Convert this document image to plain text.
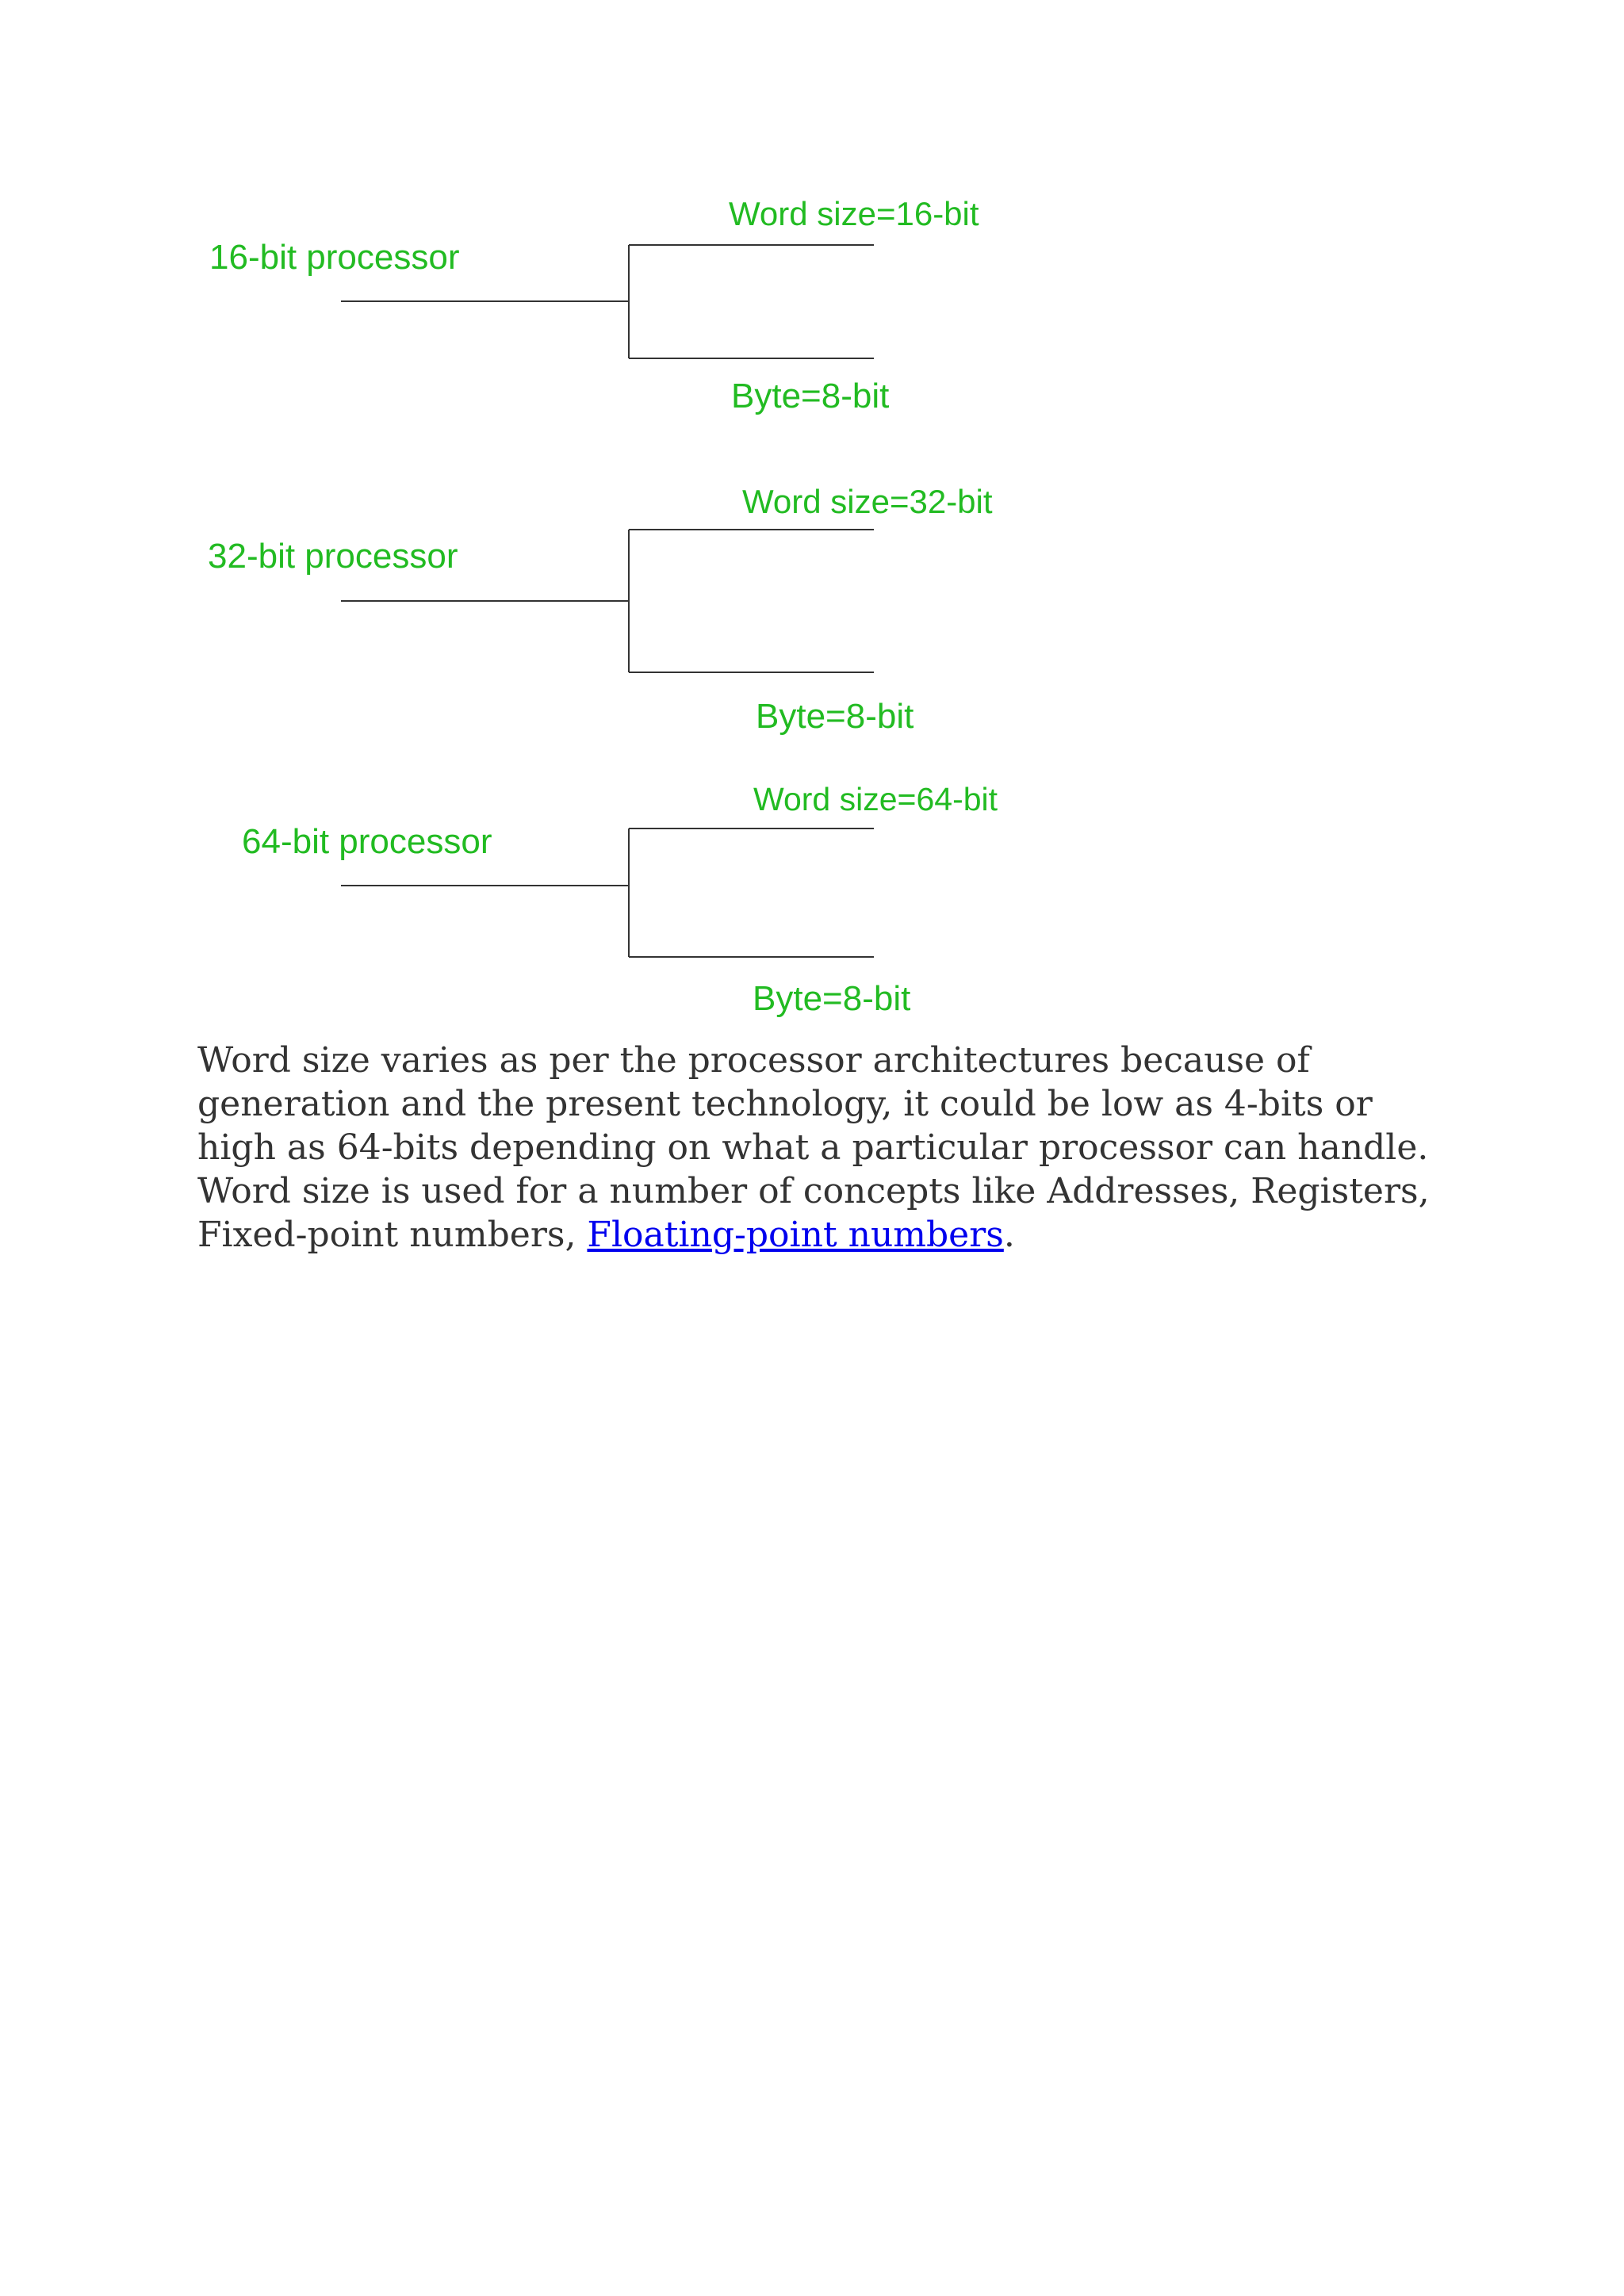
16-bit processor
Word size=16-bit
Byte=8-bit
32-bit processor
Word size=32-bit
Byte=8-bit
64-bit processor
Word size=64-bit
Byte=8-bit

Word size varies as per the processor architectures because of generation and the present technology, it could be low as 4-bits or high as 64-bits depending on what a particular processor can handle. Word size is used for a number of concepts like Addresses, Registers, Fixed-point numbers, Floating-point numbers.
